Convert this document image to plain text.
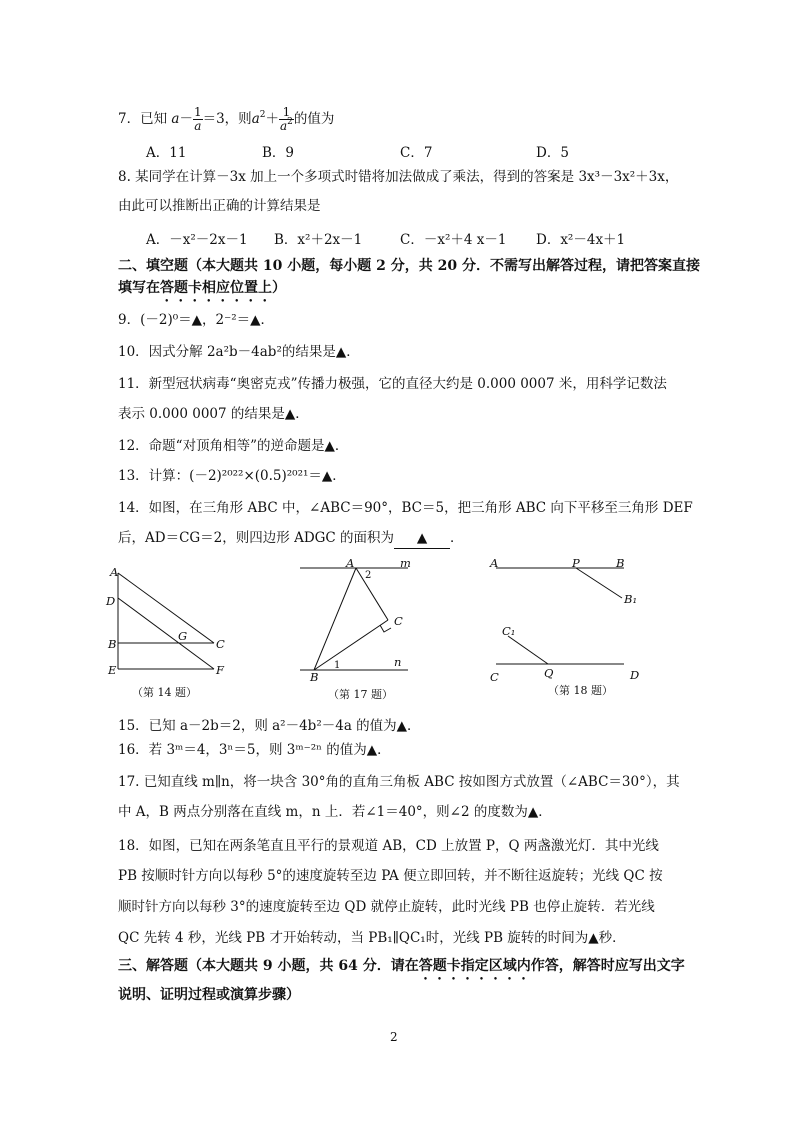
7．已知 $a- \frac{1}{a} =3$，则$a^2+ \frac{1}{a^2}$ 的值为
A．11	B．9	C．7	D．5
8. 某同学在计算－3x 加上一个多项式时错将加法做成了乘法，得到的答案是 3x³－3x²＋3x，
由此可以推断出正确的计算结果是
A．－x²－2x－1 B．x²＋2x－1	C．－x²＋4 x－1 D．x²－4x＋1
二、填空题（本大题共 10 小题，每小题 2 分，共 20 分．不需写出解答过程，请把答案直接
填写在答题卡相应位置上）
9．(－2)⁰＝▲，2⁻²＝▲．
10．因式分解 2a²b－4ab²的结果是▲．
11．新型冠状病毒“奥密克戎”传播力极强，它的直径大约是 0.000 0007 米，用科学记数法
表示 0.000 0007 的结果是▲．
12．命题“对顶角相等”的逆命题是▲．
13．计算：(－2)²⁰²²×(0.5)²⁰²¹＝▲．
14．如图，在三角形 ABC 中，∠ABC＝90°，BC＝5，把三角形 ABC 向下平移至三角形 DEF
后，AD＝CG＝2，则四边形 ADGC 的面积为 ▲ ．
A
D
B
G
C
E	F
（第 14 题）
A
2
m
C
1	n
B
（第 17 题）
A	P	B
B₁
C₁
C	Q	D
（第 18 题）
15．已知 a－2b＝2，则 a²－4b²－4a 的值为▲．
16．若 3ᵐ＝4，3ⁿ＝5，则 3ᵐ⁻²ⁿ 的值为▲．
17. 已知直线 m∥n，将一块含 30°角的直角三角板 ABC 按如图方式放置（∠ABC＝30°），其
中 A，B 两点分别落在直线 m，n 上．若∠1＝40°，则∠2 的度数为▲．
18．如图，已知在两条笔直且平行的景观道 AB，CD 上放置 P，Q 两盏激光灯．其中光线
PB 按顺时针方向以每秒 5°的速度旋转至边 PA 便立即回转，并不断往返旋转；光线 QC 按
顺时针方向以每秒 3°的速度旋转至边 QD 就停止旋转，此时光线 PB 也停止旋转．若光线
QC 先转 4 秒，光线 PB 才开始转动，当 PB₁∥QC₁时，光线 PB 旋转的时间为▲秒．
三、解答题（本大题共 9 小题，共 64 分．请在答题卡指定区域内作答，解答时应写出文字
说明、证明过程或演算步骤）
2
